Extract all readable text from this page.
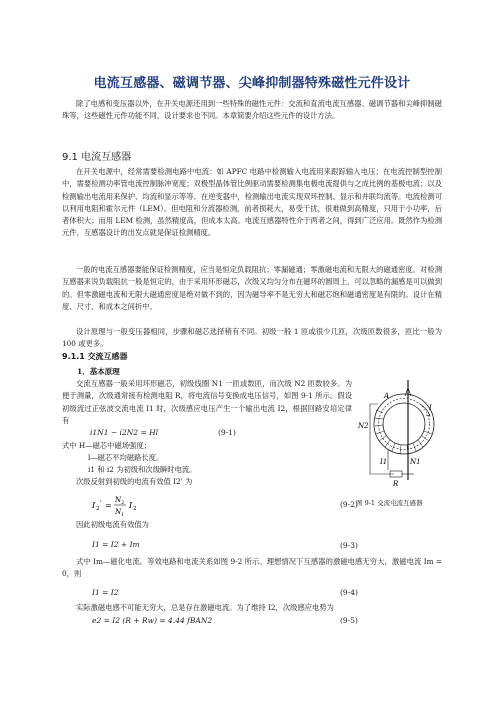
电流互感器、磁调节器、尖峰抑制器特殊磁性元件设计
除了电感和变压器以外，在开关电源还用到一些特殊的磁性元件：交流和直流电流互感器、磁调节器和尖峰抑制磁珠等，这些磁性元件功能不同，设计要求也不同。本章简要介绍这些元件的设计方法。
9.1 电流互感器
在开关电源中，经常需要检测电路中电流：如 APFC 电路中检测输入电流用来跟踪输入电压；在电流控制型控制中，需要检测功率管电流控制脉冲宽度；双极型晶体管比例驱动需要检测集电极电流提供与之成比例的基极电流；以及检测输出电流用来保护、均流和显示等等。在逆变器中，检测输出电流实现双环控制、显示和并联均流等。电流检测可以利用电阻和霍尔元件（LEM）。但电阻和分流器检测，前者损耗大，易受干扰，很难做到高精度，只用于小功率，后者体积大；而用 LEM 检测，虽然精度高，但成本太高。电流互感器特性介于两者之间，得到广泛应用。既然作为检测元件，互感器设计的出发点就是保证检测精度。
一般的电流互感器要能保证检测精度，应当是恒定负载阻抗；零漏磁通；零激磁电流和无限大的磁通密度。对检测互感器来说负载阻抗一般是恒定的，由于采用环形磁芯，次级又均匀分布在磁环的圆周上，可以忽略的漏感是可以做到的。但零激磁电流和无限大磁通密度是绝对做不到的，因为磁导率不是无穷大和磁芯饱和磁通密度是有限的。设计在精度、尺寸、和成本之间折中。
设计原理与一般变压器相同，步骤和磁芯选择稍有不同。初级一般 1 匝或很少几匝，次级匝数很多，匝比一般为 100 或更多。
9.1.1 交流互感器
1．基本原理
交流互感器一般采用环形磁芯，初级线圈 N1 一匝或数匝，而次级 N2 匝数较多。为便于测量，次级通常接有检测电阻 R，将电流信号变换成电压信号，如图 9-1 所示。假设初级流过正弦波交流电流 I1 时，次级感应电压产生一个输出电流 I2，根据回路安培定律有
i1N1 − i2N2 = Hl	(9-1)
式中 H—磁芯中磁场强度；
l—磁芯平均磁路长度。
i1 和 i2 为初级和次级瞬时电流。
次级反射到初级的电流有效值 I2' 为
I 2
' =
N 2
N 1
I 2	(9-2)
因此初级电流有效值为
I1 = I2 + Im	(9-3)
式中 Im—磁化电流。等效电路和电流关系如图 9-2 所示。理想情况下互感器的激磁电感无穷大，激磁电流 Im = 0，则
I1 = I2	(9-4)
实际激磁电感不可能无穷大，总是存在激磁电流。为了维持 I2，次级感应电势为
e2 = I2 (R + Rw) = 4.44 fBAN2	(9-5)
I
A
N2
I1	N1
R
图 9-1 交流电流互感器
